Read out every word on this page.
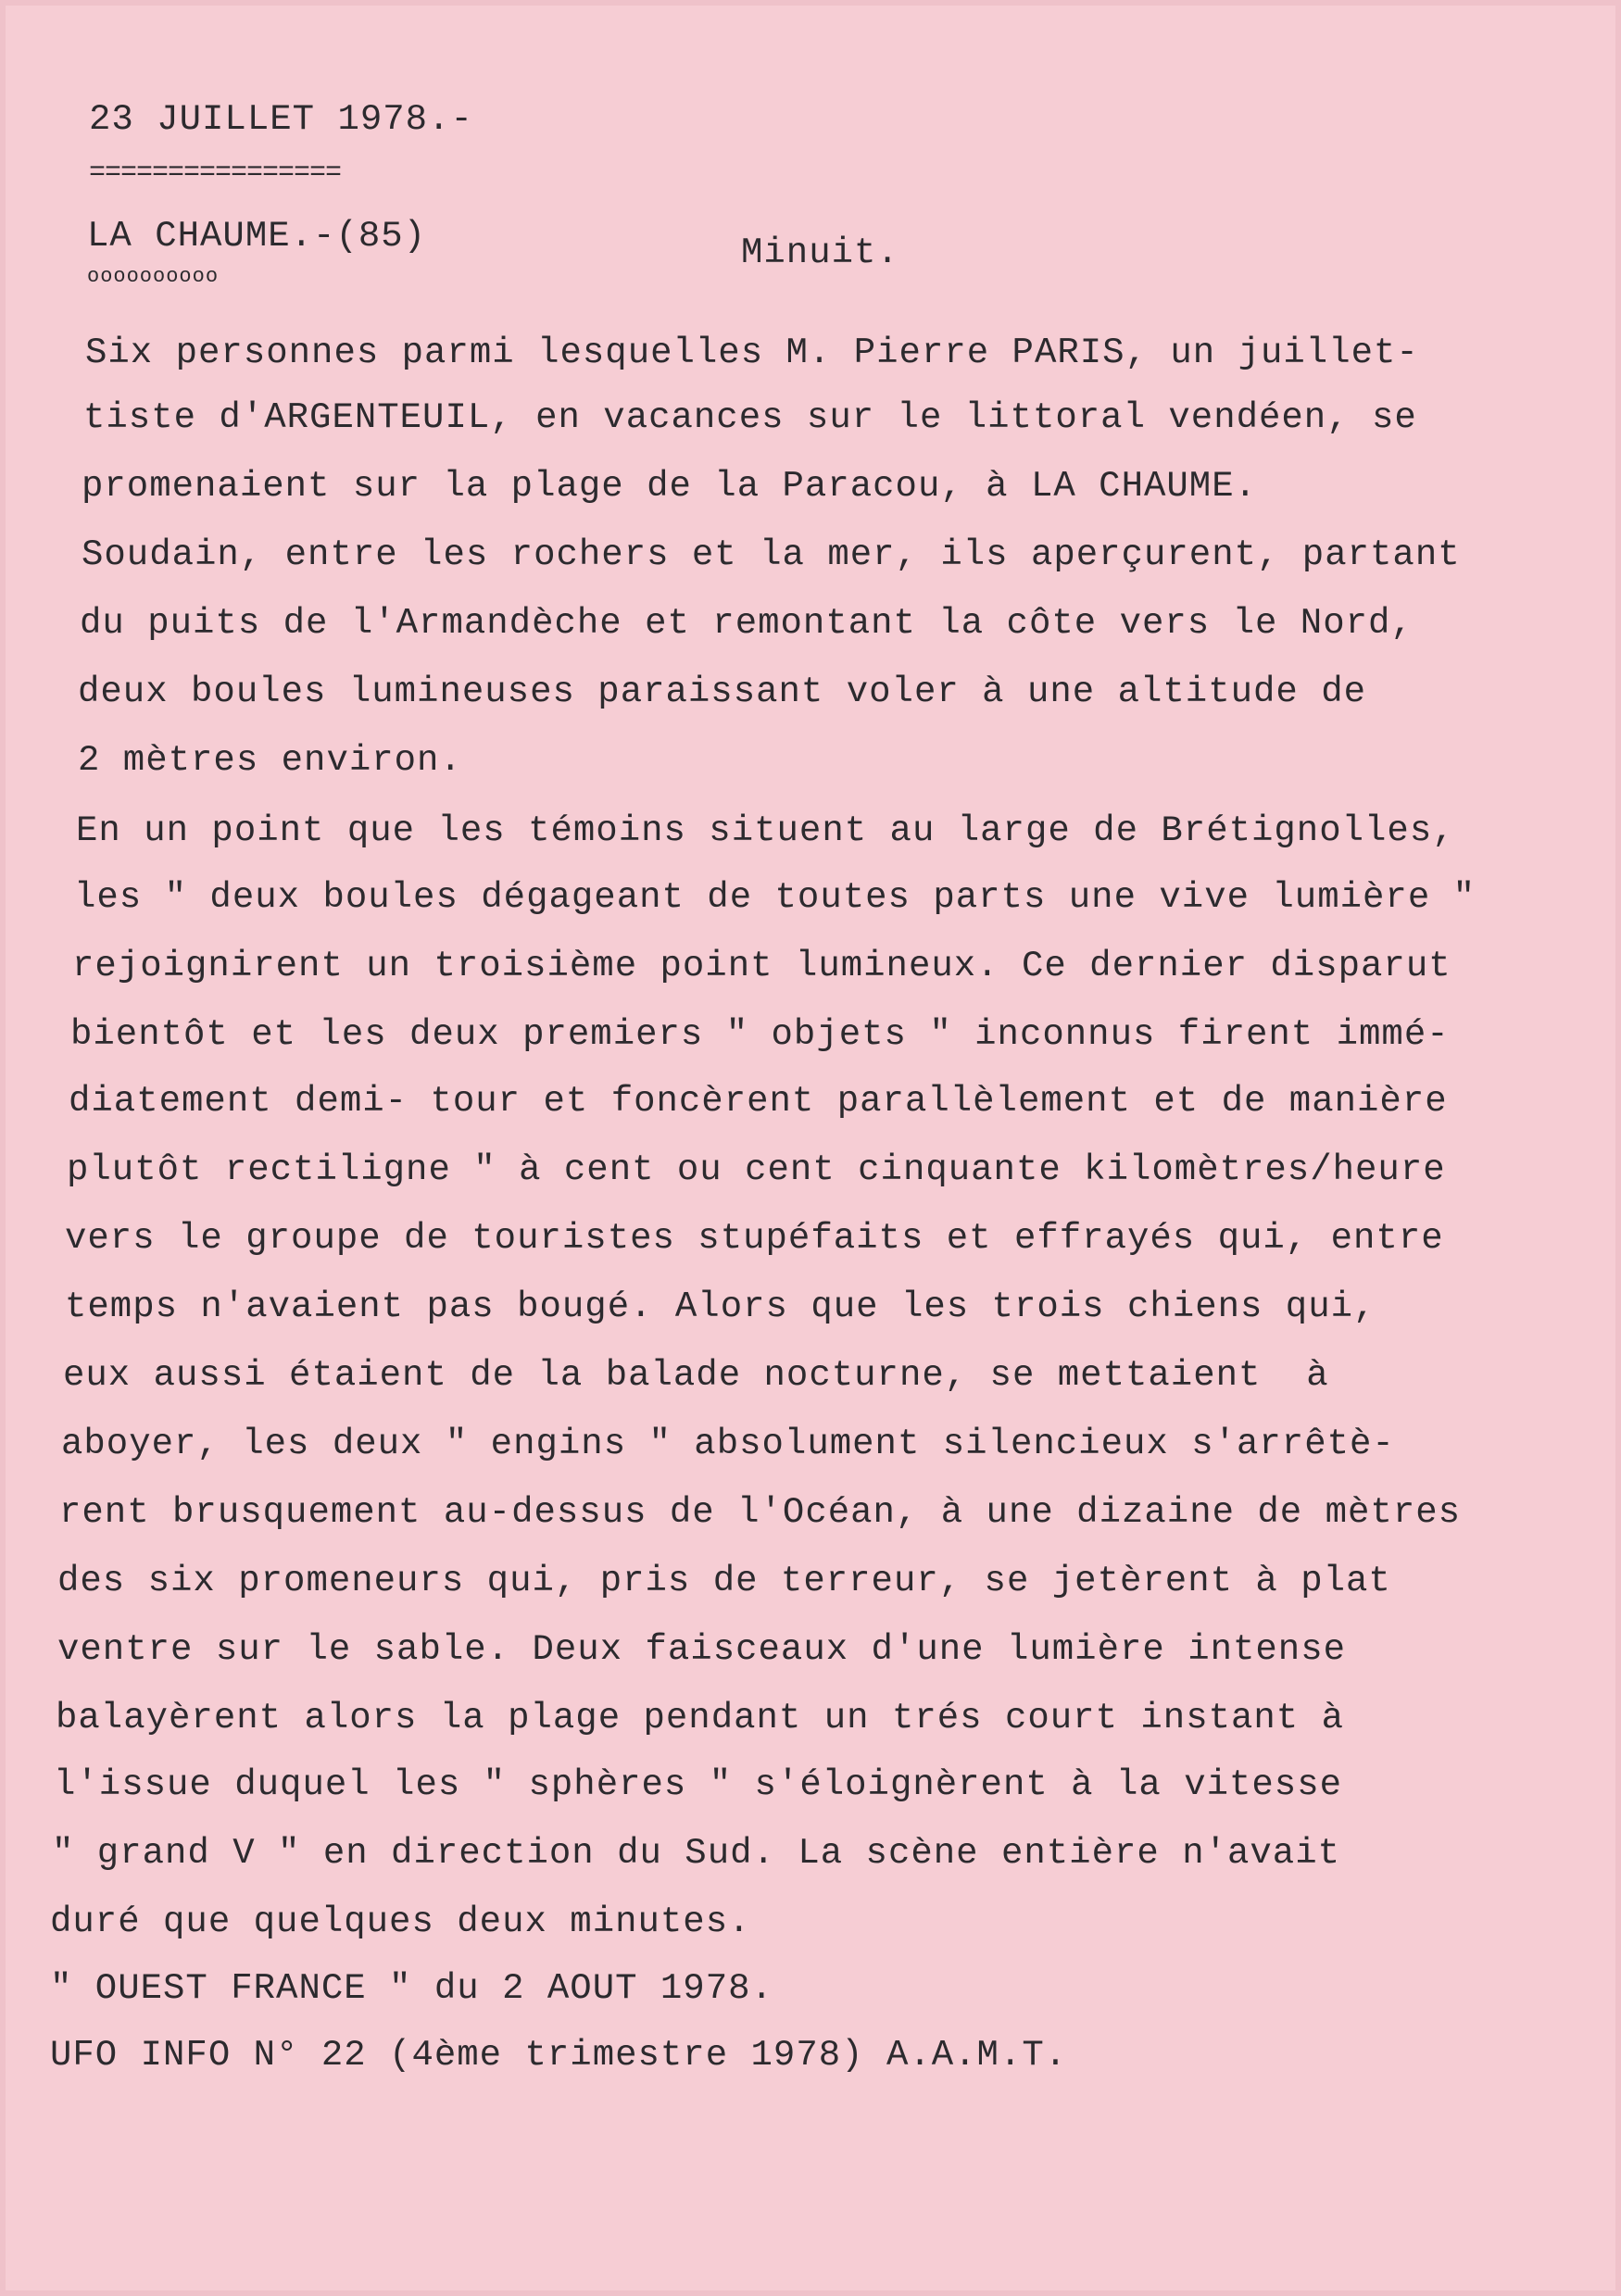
23 JUILLET 1978.-
================
LA CHAUME.-(85)
oooooooooo
Minuit.
Six personnes parmi lesquelles M. Pierre PARIS, un juillet-
tiste d'ARGENTEUIL, en vacances sur le littoral vendéen, se
promenaient sur la plage de la Paracou, à LA CHAUME.
Soudain, entre les rochers et la mer, ils aperçurent, partant
du puits de l'Armandèche et remontant la côte vers le Nord,
deux boules lumineuses paraissant voler à une altitude de
2 mètres environ.
En un point que les témoins situent au large de Brétignolles,
les " deux boules dégageant de toutes parts une vive lumière "
rejoignirent un troisième point lumineux. Ce dernier disparut
bientôt et les deux premiers " objets " inconnus firent immé-
diatement demi- tour et foncèrent parallèlement et de manière
plutôt rectiligne " à cent ou cent cinquante kilomètres/heure
vers le groupe de touristes stupéfaits et effrayés qui, entre
temps n'avaient pas bougé. Alors que les trois chiens qui,
eux aussi étaient de la balade nocturne, se mettaient  à
aboyer, les deux " engins " absolument silencieux s'arrêtè-
rent brusquement au-dessus de l'Océan, à une dizaine de mètres
des six promeneurs qui, pris de terreur, se jetèrent à plat
ventre sur le sable. Deux faisceaux d'une lumière intense
balayèrent alors la plage pendant un trés court instant à
l'issue duquel les " sphères " s'éloignèrent à la vitesse
" grand V " en direction du Sud. La scène entière n'avait
duré que quelques deux minutes.
" OUEST FRANCE " du 2 AOUT 1978.
UFO INFO N° 22 (4ème trimestre 1978) A.A.M.T.
